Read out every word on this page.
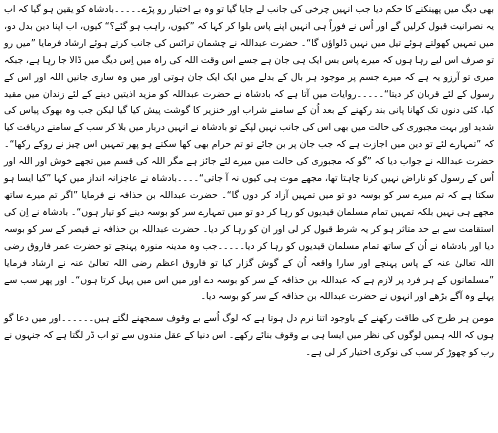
بھی دیگ میں پھینکنے کا حکم دیا جب انہیں چرخی کی جانب لے جایا گیا تو وہ بے اختیار رو پڑے۔۔۔۔۔بادشاہ کو یقین ہو گیا کہ اب یہ نصرانیت قبول کرلیں گے اور اُس نے فوراً ہی انہیں اپنے پاس بلوا کر کہا کہ ”کیوں، راہب ہو گئے؟“ کیوں، اب اپنا دین بدل دو، میں تمہیں کھولتے ہوئے تیل میں نہیں ڈلواؤں گا“۔ حضرت عبداللہ نے چشمان ترائس کی جانب کرتے ہوئے ارشاد فرمایا ”میں رو تو صرف اس لیے رہا ہوں کہ میرے پاس بس ایک ہی جان ہے جسے اس وقت اللہ کی راہ میں اِس دیگ میں ڈالا جا رہا ہے، جبکہ میری تو آرزو یہ ہے کہ میرے جسم پر موجود ہر بال کے بدلے میں ایک ایک جان ہوتی اور میں وہ ساری جانیں اللہ اور اس کے رسول کے لئے قربان کر دیتا“۔۔۔۔۔روایات میں آتا ہے کہ بادشاہ نے حضرت عبداللہ کو مزید اذیتیں دینے کے لئے زندان میں مقید کیا، کئی دنوں تک کھانا پانی بند رکھنے کے بعد اُن کے سامنے شراب اور خنزیر کا گوشت پیش کیا گیا لیکن جب وہ بھوک پیاس کی شدید اور بہت مجبوری کی حالت میں بھی اس کی جانب نہیں لپکے تو بادشاہ نے انہیں دربار میں بلا کر سب کے سامنے دریافت کیا کہ ”تمہارے لئے تو دین میں اجازت ہے کہ جب جان پر بن جائے تو تم حرام بھی کھا سکتے ہو پھر تمہیں اس چیز نے روکے رکھا“۔ حضرت عبداللہ نے جواب دیا کہ ”گو کہ مجبوری کی حالت میں میرے لئے جائز ہے مگر اللہ کی قسم میں تجھے خوش اور اللہ اور اُس کے رسول کو ناراض نہیں کرنا چاہتا تھا، مجھے موت ہی کیوں نہ آ جاتی“۔۔۔۔بادشاہ نے عاجزانہ انداز میں کہا ”کیا ایسا ہو سکتا ہے کہ تم میرے سر کو بوسہ دو تو میں تمہیں آزاد کر دوں گا“۔ حضرت عبداللہ بن حذافہ نے فرمایا ”اگر تم میرے ساتھ مجھے ہی نہیں بلکہ تمہیں تمام مسلمان قیدیوں کو رہا کر دو تو میں تمہارے سر کو بوسہ دینے کو تیار ہوں“۔ بادشاہ نے اِن کی استقامت سے بے حد متاثر ہو کر یہ شرط قبول کر لی اور ان کو رہا کر دیا۔ حضرت عبداللہ بن حذافہ نے قیصر کے سر کو بوسہ دیا اور بادشاہ نے اُن کے ساتھ تمام مسلمان قیدیوں کو رہا کر دیا۔۔۔۔۔جب وہ مدینہ منورہ پہنچے تو حضرت عمر فاروق رضی اللہ تعالیٰ عنہ کے پاس پہنچے اور سارا واقعہ اُن کے گوش گزار کیا تو فاروق اعظم رضی اللہ تعالیٰ عنہ نے ارشاد فرمایا ”مسلمانوں کے ہر فرد پر لازم ہے کہ عبداللہ بن حذافہ کے سر کو بوسہ دے اور میں اس میں پہل کرتا ہوں“۔ اور پھر سب سے پہلے وہ آگے بڑھے اور انہوں نے حضرت عبداللہ بن حذافہ کے سر کو بوسہ دیا۔

مومن ہر طرح کی طاقت رکھنے کے باوجود اتنا نرم دل ہوتا ہے کہ لوگ اُسے بے وقوف سمجھنے لگتے ہیں۔۔۔۔۔۔اور میں دعا گو ہوں کہ اللہ ہمیں لوگوں کی نظر میں ایسا ہی بے وقوف بنائے رکھے۔ اس دنیا کے عقل مندوں سے تو اب ڈر لگتا ہے کہ جنہوں نے رب کو چھوڑ کر سب کی نوکری اختیار کر لی ہے۔
